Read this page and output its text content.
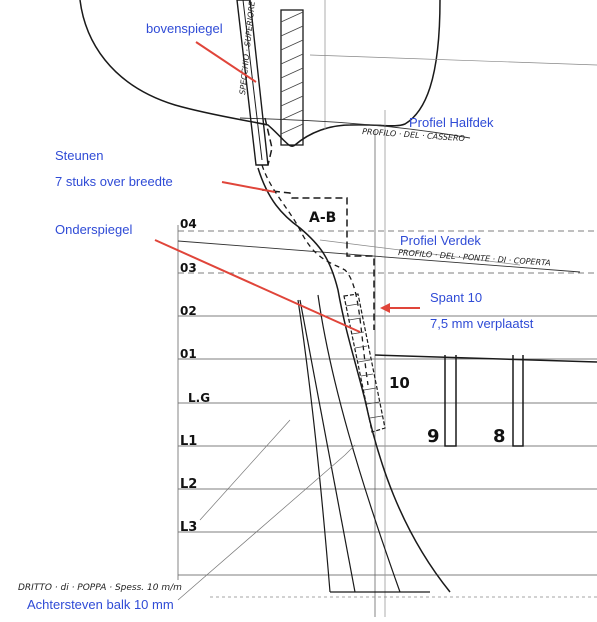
04
03
02
01
L.G
L1
L2
L3
SPECCHIO · SUPERIORE
PROFILO · DEL · CASSERO
PROFILO · DEL · PONTE · DI · COPERTA
DRITTO · di · POPPA · Spess. 10 m/m
A-B
10
9	8
bovenspiegel
Profiel Halfdek
Steunen
7 stuks over breedte
Onderspiegel
Profiel Verdek
Spant 10
7,5 mm verplaatst
Achtersteven balk 10 mm
